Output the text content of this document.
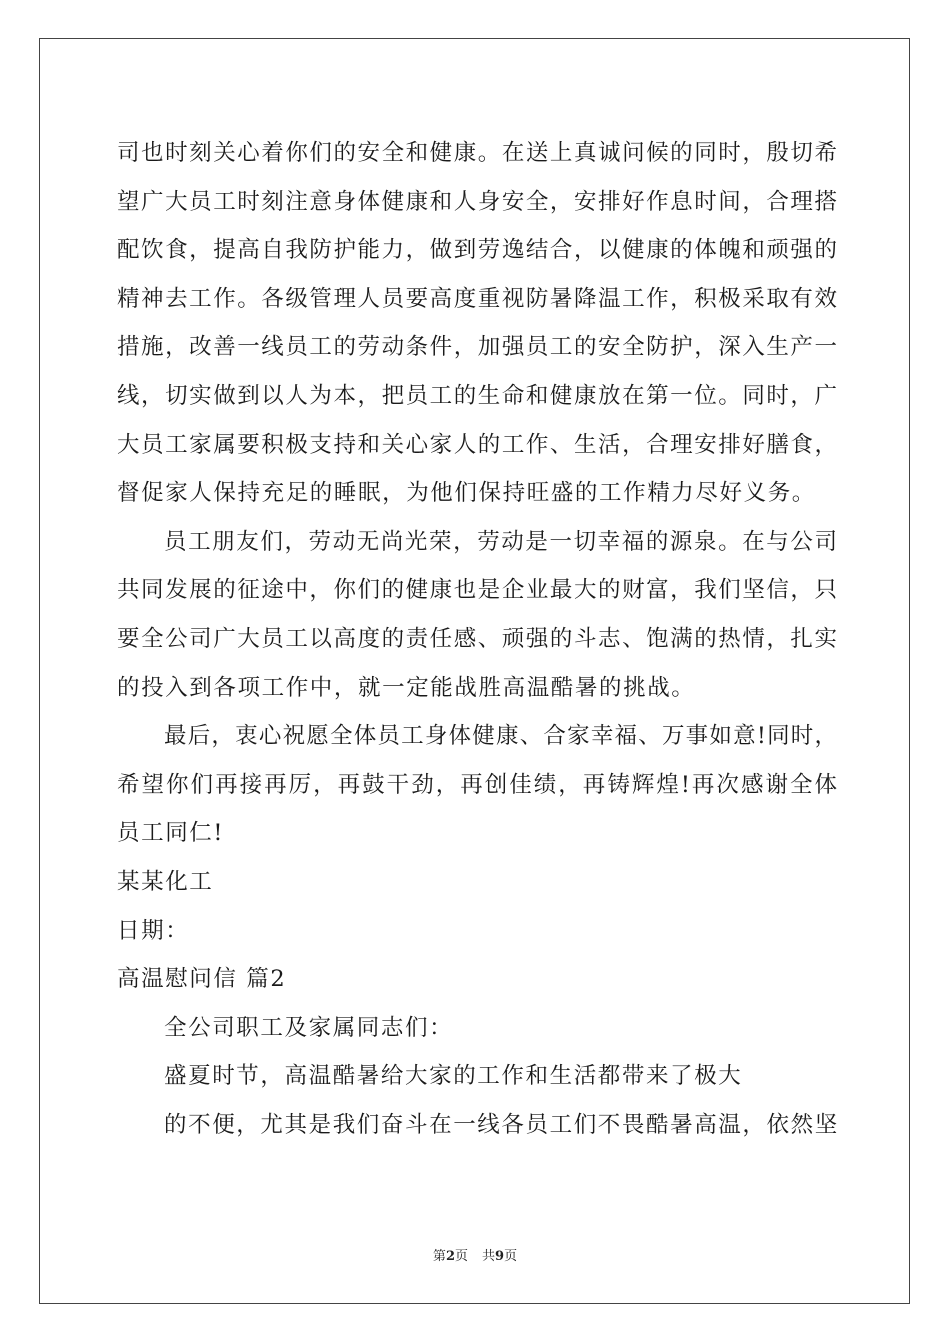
司也时刻关心着你们的安全和健康。在送上真诚问候的同时，殷切希
望广大员工时刻注意身体健康和人身安全，安排好作息时间，合理搭
配饮食，提高自我防护能力，做到劳逸结合，以健康的体魄和顽强的
精神去工作。各级管理人员要高度重视防暑降温工作，积极采取有效
措施，改善一线员工的劳动条件，加强员工的安全防护，深入生产一
线，切实做到以人为本，把员工的生命和健康放在第一位。同时，广
大员工家属要积极支持和关心家人的工作、生活，合理安排好膳食，
督促家人保持充足的睡眠，为他们保持旺盛的工作精力尽好义务。
员工朋友们，劳动无尚光荣，劳动是一切幸福的源泉。在与公司
共同发展的征途中，你们的健康也是企业最大的财富，我们坚信，只
要全公司广大员工以高度的责任感、顽强的斗志、饱满的热情，扎实
的投入到各项工作中，就一定能战胜高温酷暑的挑战。
最后，衷心祝愿全体员工身体健康、合家幸福、万事如意!同时，
希望你们再接再厉，再鼓干劲，再创佳绩，再铸辉煌!再次感谢全体
员工同仁!
某某化工
日期：
高温慰问信 篇2
全公司职工及家属同志们：
盛夏时节，高温酷暑给大家的工作和生活都带来了极大
的不便，尤其是我们奋斗在一线各员工们不畏酷暑高温，依然坚
第2页 共9页
